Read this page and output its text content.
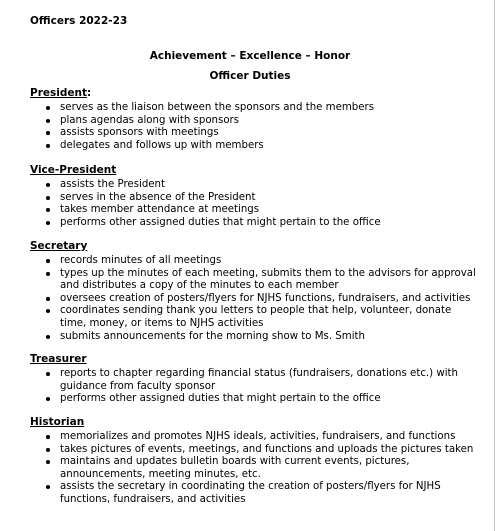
Officers 2022-23
Achievement – Excellence – Honor
Officer Duties
President:
serves as the liaison between the sponsors and the members
plans agendas along with sponsors
assists sponsors with meetings
delegates and follows up with members
Vice-President
assists the President
serves in the absence of the President
takes member attendance at meetings
performs other assigned duties that might pertain to the office
Secretary
records minutes of all meetings
types up the minutes of each meeting, submits them to the advisors for approval and distributes a copy of the minutes to each member
oversees creation of posters/flyers for NJHS functions, fundraisers, and activities
coordinates sending thank you letters to people that help, volunteer, donate time, money, or items to NJHS activities
submits announcements for the morning show to Ms. Smith
Treasurer
reports to chapter regarding financial status (fundraisers, donations etc.) with guidance from faculty sponsor
performs other assigned duties that might pertain to the office
Historian
memorializes and promotes NJHS ideals, activities, fundraisers, and functions
takes pictures of events, meetings, and functions and uploads the pictures taken
maintains and updates bulletin boards with current events, pictures, announcements, meeting minutes, etc.
assists the secretary in coordinating the creation of posters/flyers for NJHS functions, fundraisers, and activities
